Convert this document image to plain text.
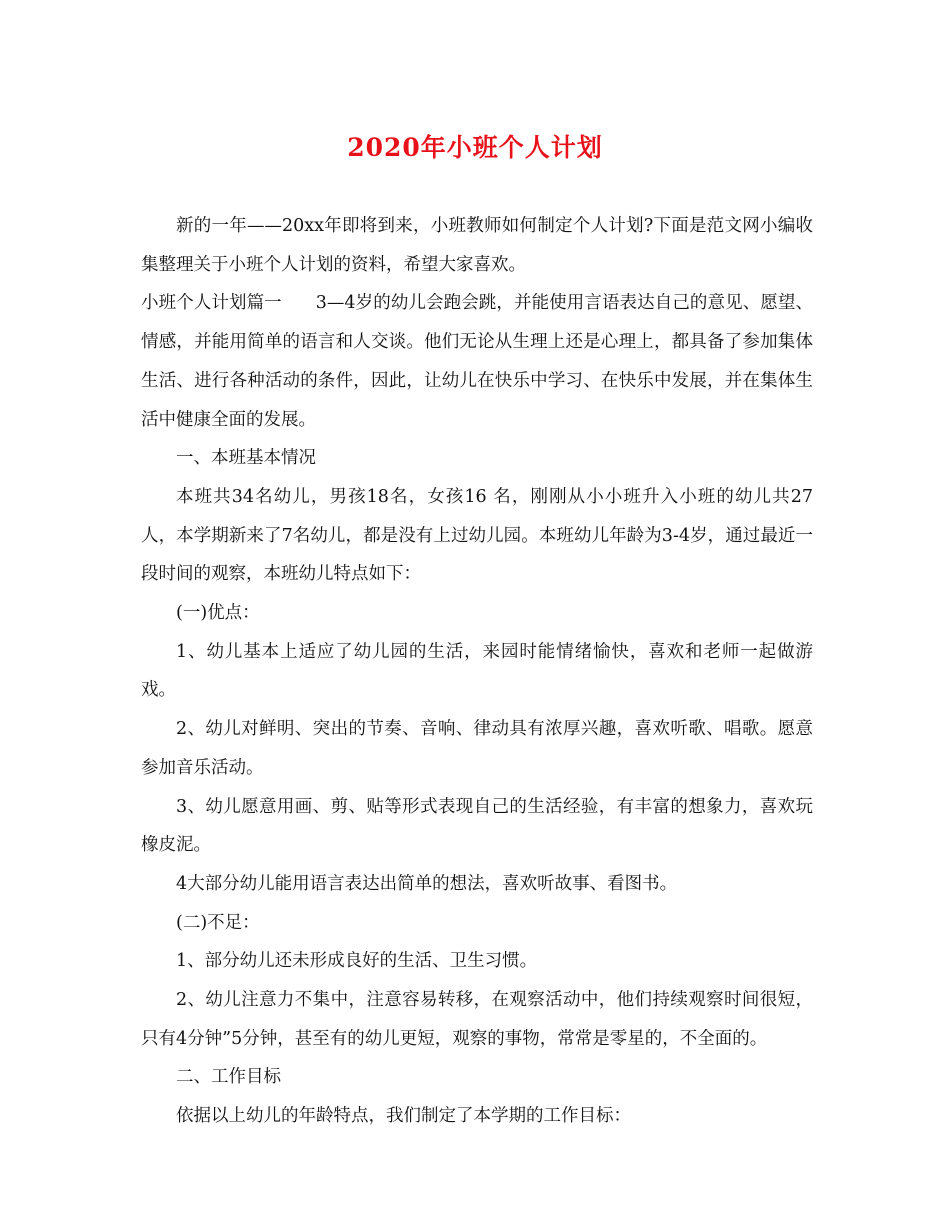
2020年小班个人计划

新的一年——20xx年即将到来，小班教师如何制定个人计划?下面是范文网小编收集整理关于小班个人计划的资料，希望大家喜欢。

小班个人计划篇一 3—4岁的幼儿会跑会跳，并能使用言语表达自己的意见、愿望、情感，并能用简单的语言和人交谈。他们无论从生理上还是心理上，都具备了参加集体生活、进行各种活动的条件，因此，让幼儿在快乐中学习、在快乐中发展，并在集体生活中健康全面的发展。

一、本班基本情况

本班共34名幼儿，男孩18名，女孩16 名，刚刚从小小班升入小班的幼儿共27人，本学期新来了7名幼儿，都是没有上过幼儿园。本班幼儿年龄为3-4岁，通过最近一段时间的观察，本班幼儿特点如下：

(一)优点：

1、幼儿基本上适应了幼儿园的生活，来园时能情绪愉快，喜欢和老师一起做游戏。

2、幼儿对鲜明、突出的节奏、音响、律动具有浓厚兴趣，喜欢听歌、唱歌。愿意参加音乐活动。

3、幼儿愿意用画、剪、贴等形式表现自己的生活经验，有丰富的想象力，喜欢玩橡皮泥。

4大部分幼儿能用语言表达出简单的想法，喜欢听故事、看图书。

(二)不足：

1、部分幼儿还未形成良好的生活、卫生习惯。

2、幼儿注意力不集中，注意容易转移，在观察活动中，他们持续观察时间很短，只有4分钟”5分钟，甚至有的幼儿更短，观察的事物，常常是零星的，不全面的。

二、工作目标

依据以上幼儿的年龄特点，我们制定了本学期的工作目标：
